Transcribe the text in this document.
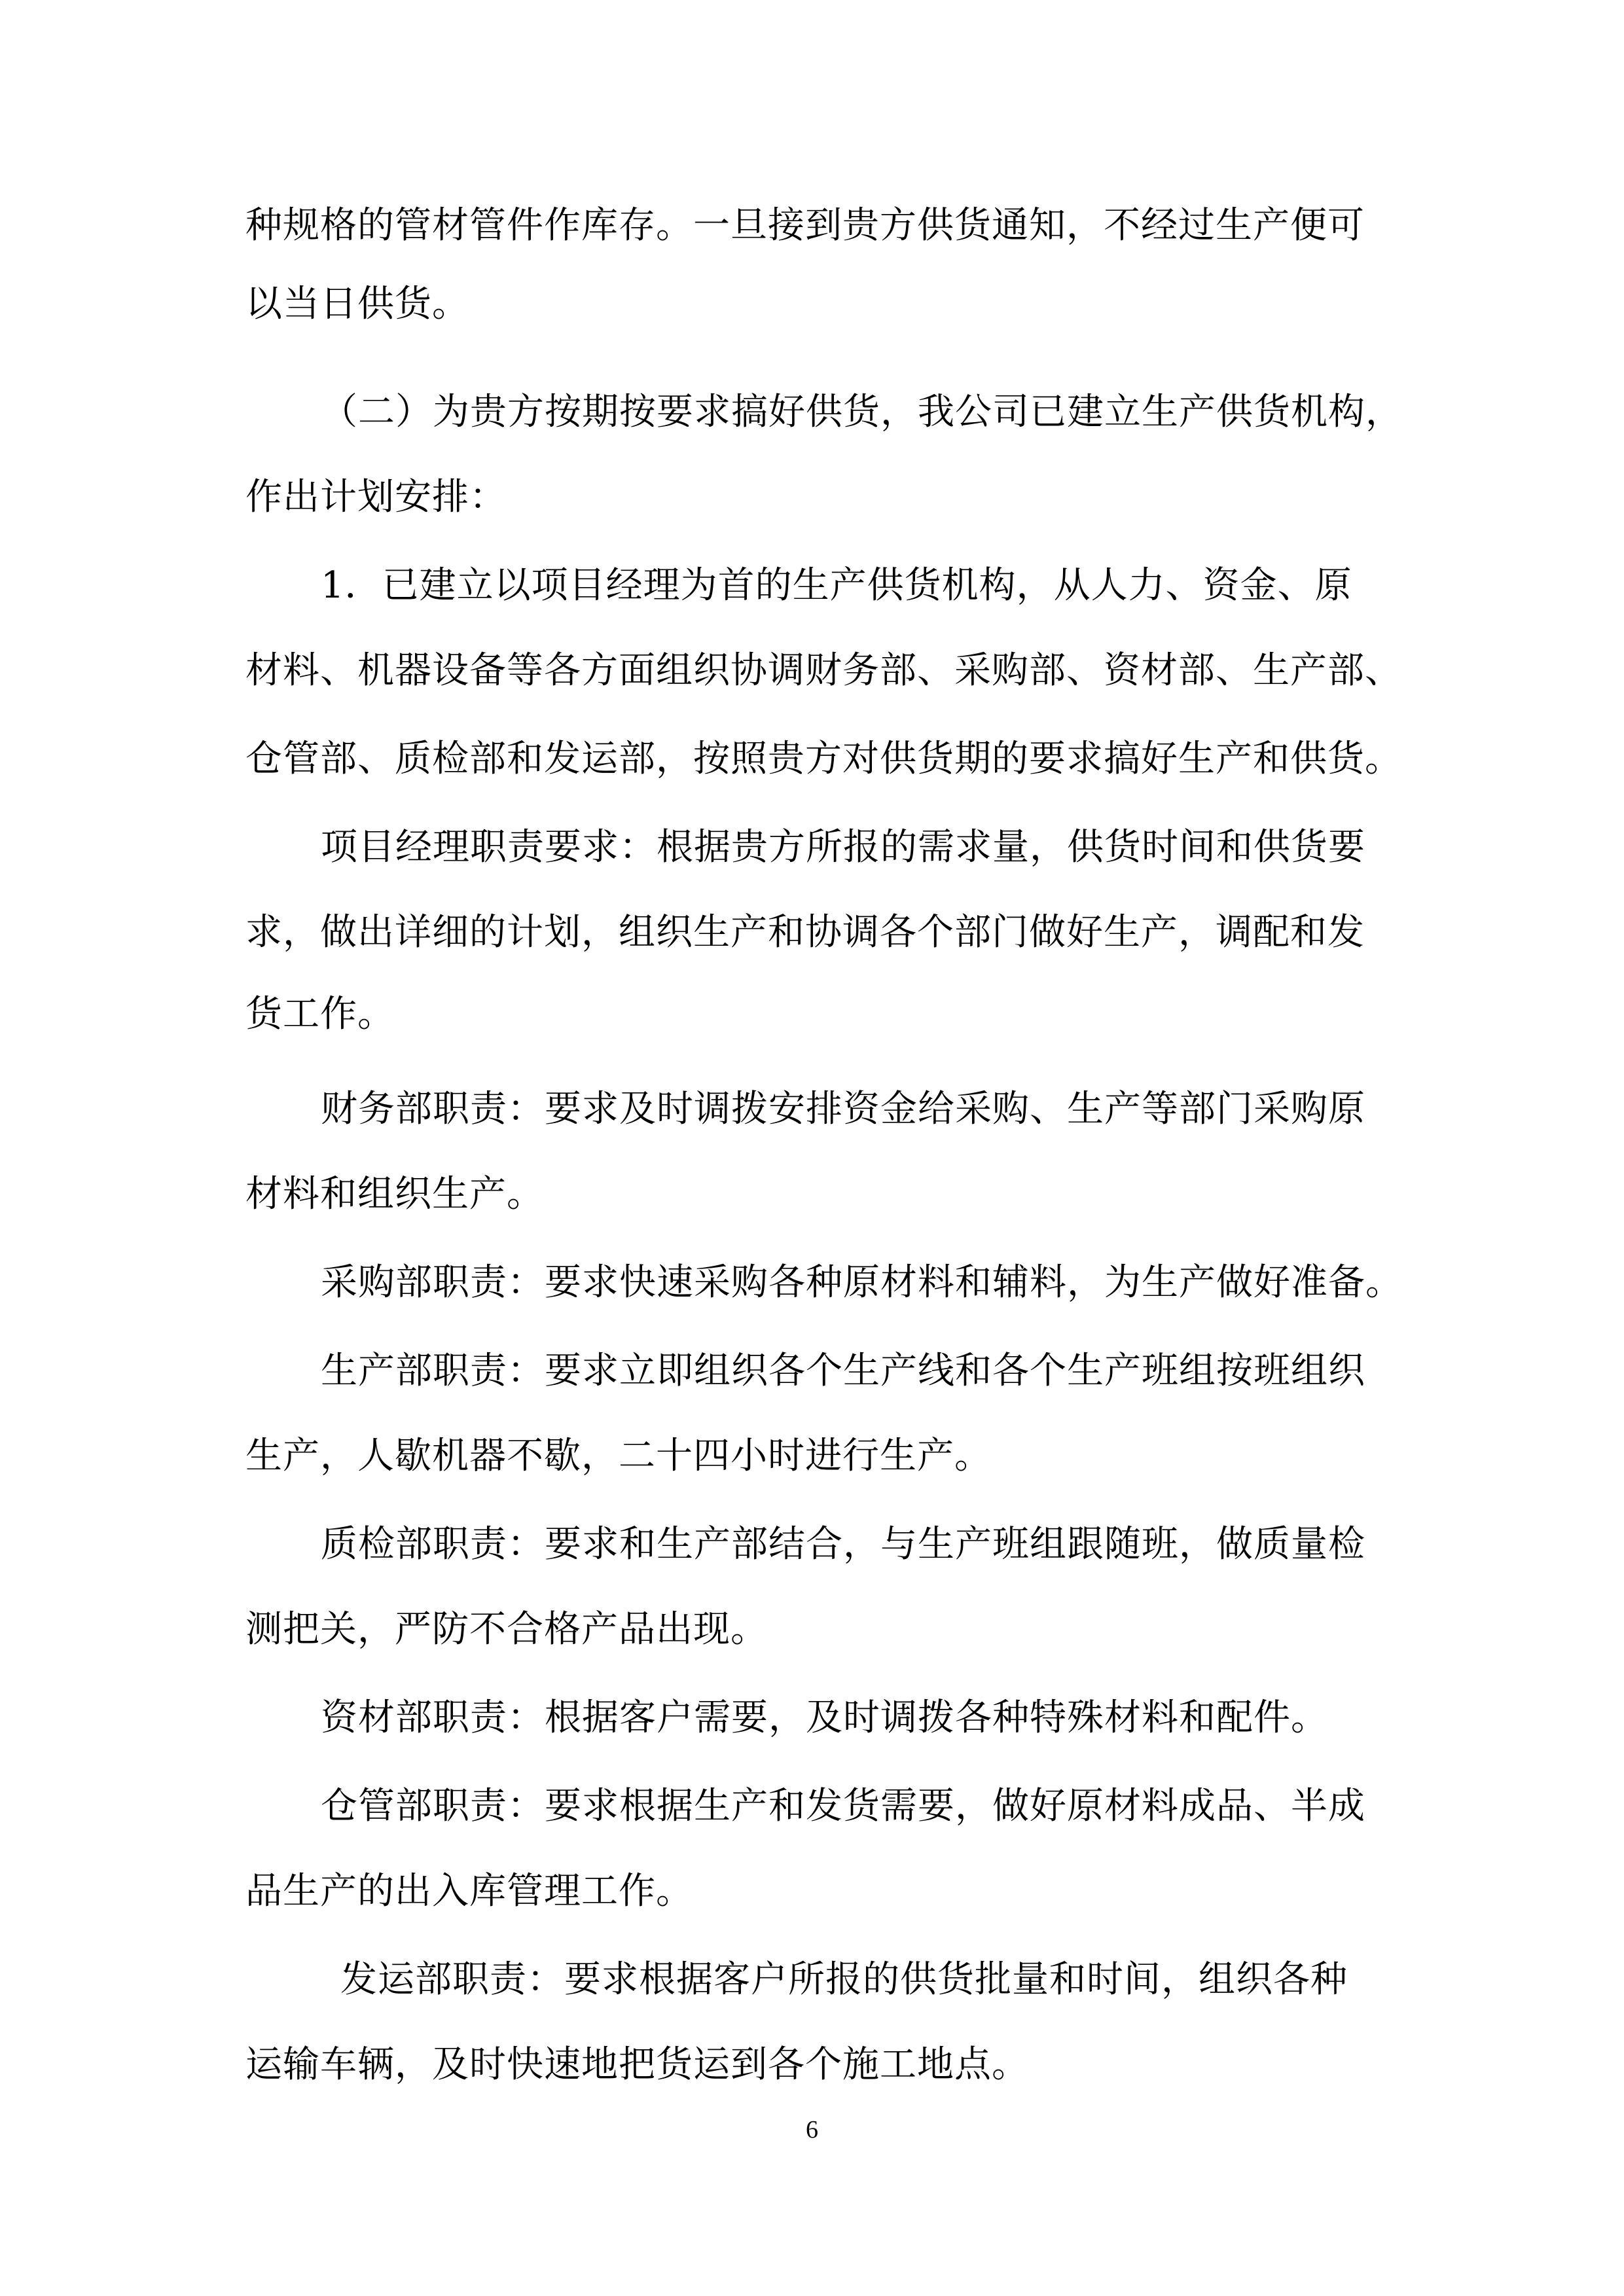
种规格的管材管件作库存。一旦接到贵方供货通知，不经过生产便可
以当日供货。
（二）为贵方按期按要求搞好供货，我公司已建立生产供货机构，
作出计划安排：
1．已建立以项目经理为首的生产供货机构，从人力、资金、原
材料、机器设备等各方面组织协调财务部、采购部、资材部、生产部、
仓管部、质检部和发运部，按照贵方对供货期的要求搞好生产和供货。
项目经理职责要求：根据贵方所报的需求量，供货时间和供货要
求，做出详细的计划，组织生产和协调各个部门做好生产，调配和发
货工作。
财务部职责：要求及时调拨安排资金给采购、生产等部门采购原
材料和组织生产。
采购部职责：要求快速采购各种原材料和辅料，为生产做好准备。
生产部职责：要求立即组织各个生产线和各个生产班组按班组织
生产，人歇机器不歇，二十四小时进行生产。
质检部职责：要求和生产部结合，与生产班组跟随班，做质量检
测把关，严防不合格产品出现。
资材部职责：根据客户需要，及时调拨各种特殊材料和配件。
仓管部职责：要求根据生产和发货需要，做好原材料成品、半成
品生产的出入库管理工作。
发运部职责：要求根据客户所报的供货批量和时间，组织各种
运输车辆，及时快速地把货运到各个施工地点。
6
